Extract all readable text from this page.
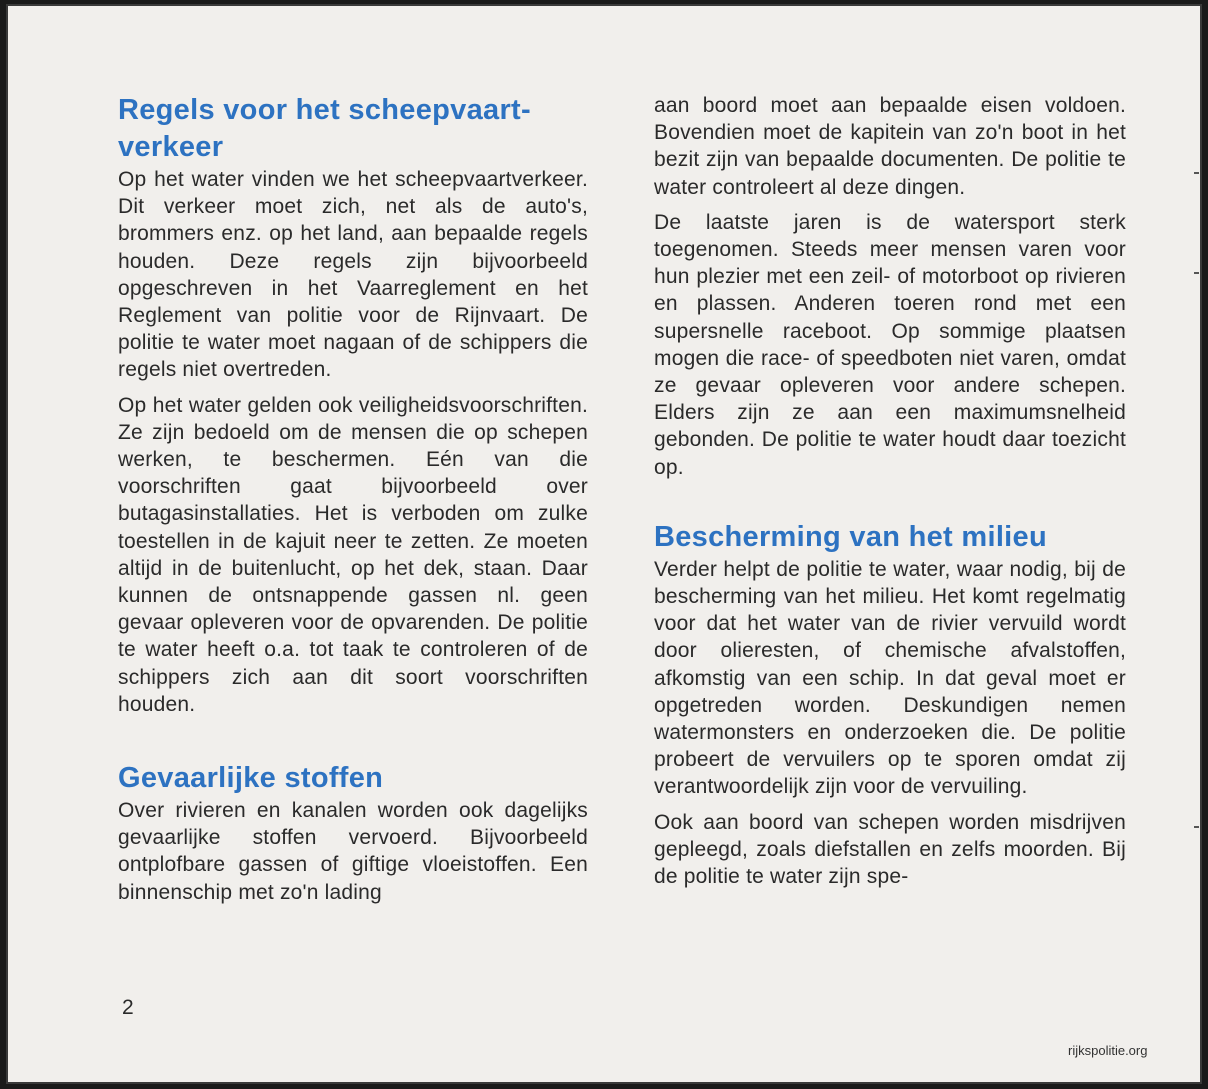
Regels voor het scheepvaart-verkeer

Op het water vinden we het scheepvaartverkeer. Dit verkeer moet zich, net als de auto's, brommers enz. op het land, aan bepaalde regels houden. Deze regels zijn bijvoorbeeld opgeschreven in het Vaarreglement en het Reglement van politie voor de Rijnvaart. De politie te water moet nagaan of de schippers die regels niet overtreden.

Op het water gelden ook veiligheidsvoorschriften. Ze zijn bedoeld om de mensen die op schepen werken, te beschermen. Eén van die voorschriften gaat bijvoorbeeld over butagasinstallaties. Het is verboden om zulke toestellen in de kajuit neer te zetten. Ze moeten altijd in de buitenlucht, op het dek, staan. Daar kunnen de ontsnappende gassen nl. geen gevaar opleveren voor de opvarenden. De politie te water heeft o.a. tot taak te controleren of de schippers zich aan dit soort voorschriften houden.

Gevaarlijke stoffen

Over rivieren en kanalen worden ook dagelijks gevaarlijke stoffen vervoerd. Bijvoorbeeld ontplofbare gassen of giftige vloeistoffen. Een binnenschip met zo'n lading

aan boord moet aan bepaalde eisen voldoen. Bovendien moet de kapitein van zo'n boot in het bezit zijn van bepaalde documenten. De politie te water controleert al deze dingen.

De laatste jaren is de watersport sterk toegenomen. Steeds meer mensen varen voor hun plezier met een zeil- of motorboot op rivieren en plassen. Anderen toeren rond met een supersnelle raceboot. Op sommige plaatsen mogen die race- of speedboten niet varen, omdat ze gevaar opleveren voor andere schepen. Elders zijn ze aan een maximumsnelheid gebonden. De politie te water houdt daar toezicht op.

Bescherming van het milieu

Verder helpt de politie te water, waar nodig, bij de bescherming van het milieu. Het komt regelmatig voor dat het water van de rivier vervuild wordt door olieresten, of chemische afvalstoffen, afkomstig van een schip. In dat geval moet er opgetreden worden. Deskundigen nemen watermonsters en onderzoeken die. De politie probeert de vervuilers op te sporen omdat zij verantwoordelijk zijn voor de vervuiling.

Ook aan boord van schepen worden misdrijven gepleegd, zoals diefstallen en zelfs moorden. Bij de politie te water zijn spe-

2
rijkspolitie.org
